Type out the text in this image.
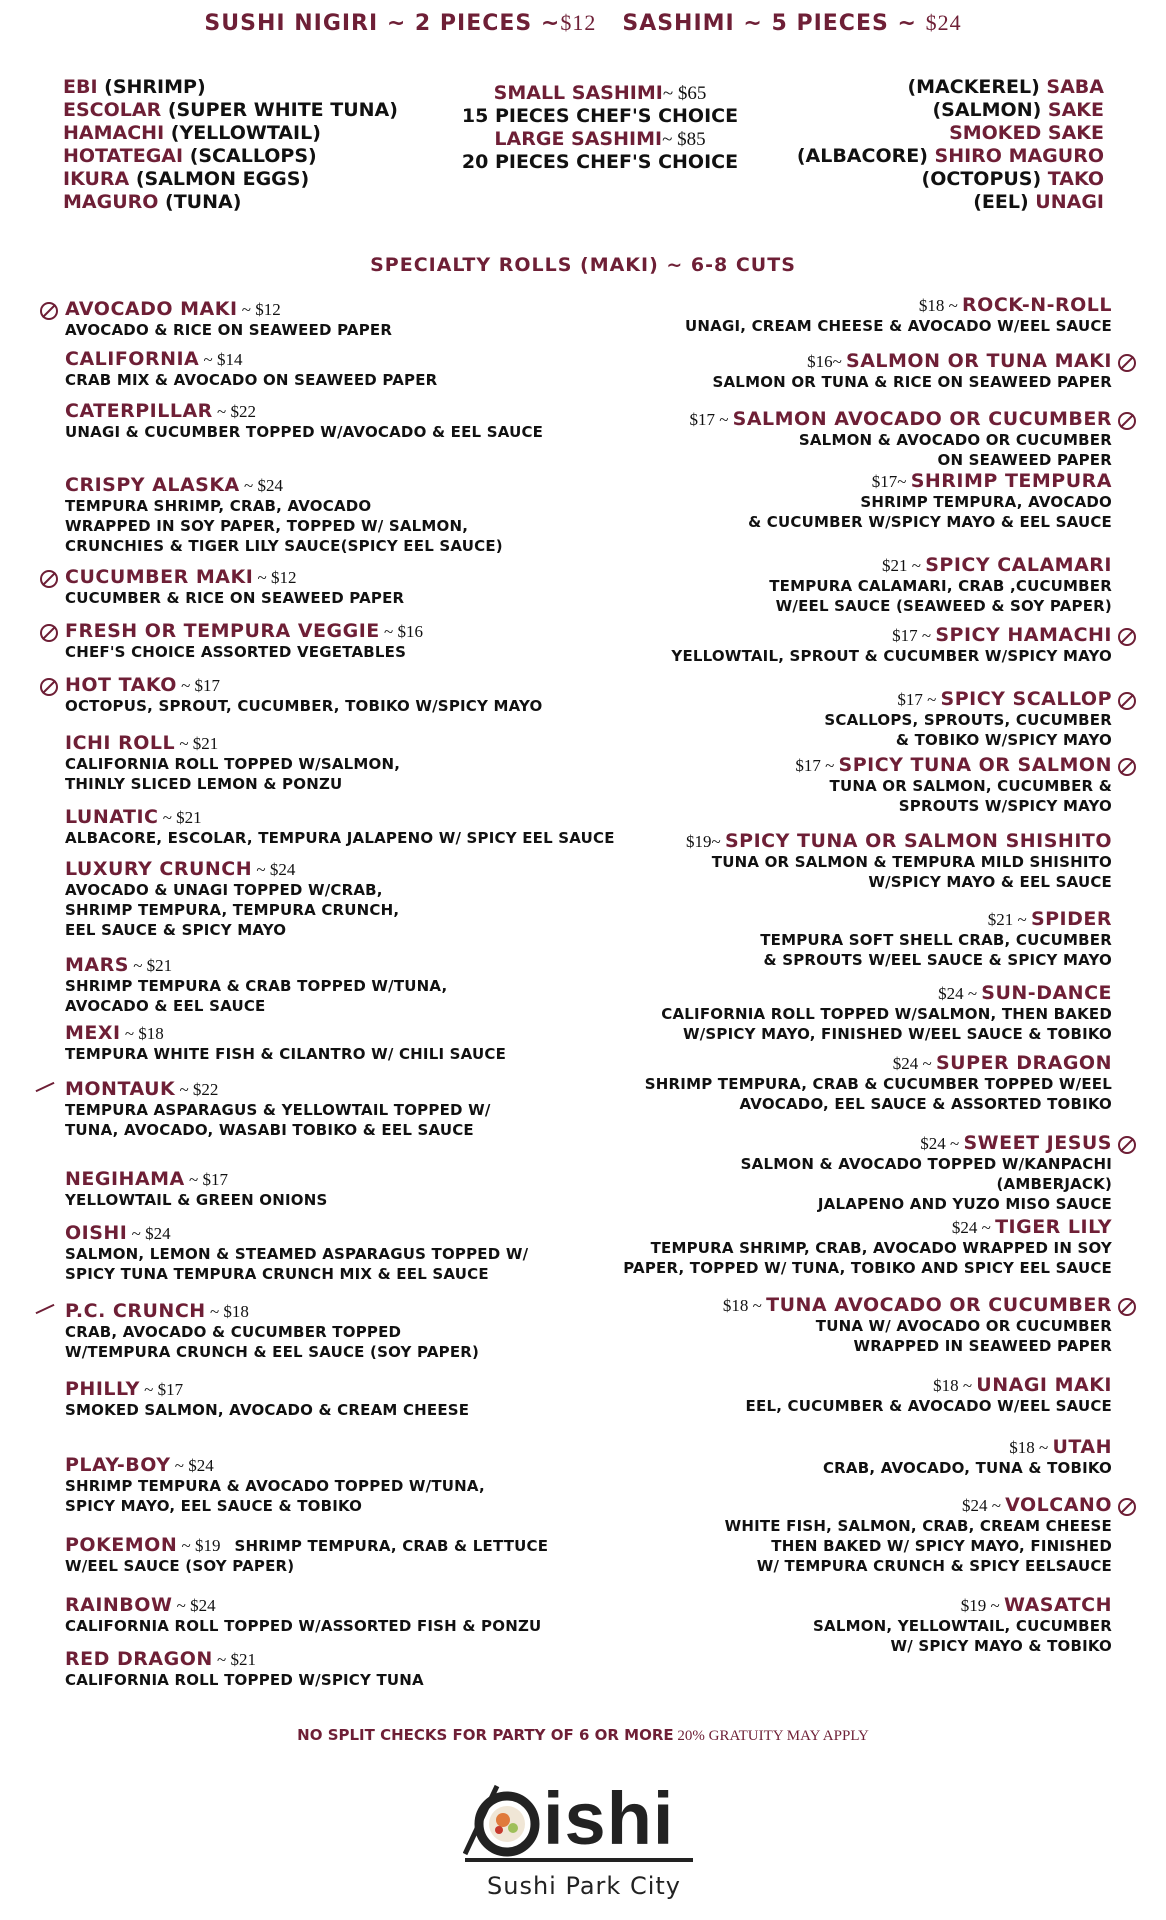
SUSHI NIGIRI ~ 2 PIECES ~$12 SASHIMI ~ 5 PIECES ~ $24
EBI (SHRIMP)
ESCOLAR (SUPER WHITE TUNA)
HAMACHI (YELLOWTAIL)
HOTATEGAI (SCALLOPS)
IKURA (SALMON EGGS)
MAGURO (TUNA)
SMALL SASHIMI~ $65
15 PIECES CHEF'S CHOICE
LARGE SASHIMI~ $85
20 PIECES CHEF'S CHOICE
(MACKEREL) SABA
(SALMON) SAKE
SMOKED SAKE
(ALBACORE) SHIRO MAGURO
(OCTOPUS) TAKO
(EEL) UNAGI
SPECIALTY ROLLS (MAKI) ~ 6-8 CUTS
AVOCADO MAKI ~ $12
AVOCADO & RICE ON SEAWEED PAPER
CALIFORNIA ~ $14
CRAB MIX & AVOCADO ON SEAWEED PAPER
CATERPILLAR ~ $22
UNAGI & CUCUMBER TOPPED W/AVOCADO & EEL SAUCE
CRISPY ALASKA ~ $24
TEMPURA SHRIMP, CRAB, AVOCADO
WRAPPED IN SOY PAPER, TOPPED W/ SALMON,
CRUNCHIES & TIGER LILY SAUCE(SPICY EEL SAUCE)
CUCUMBER MAKI ~ $12
CUCUMBER & RICE ON SEAWEED PAPER
FRESH OR TEMPURA VEGGIE ~ $16
CHEF'S CHOICE ASSORTED VEGETABLES
HOT TAKO ~ $17
OCTOPUS, SPROUT, CUCUMBER, TOBIKO W/SPICY MAYO
ICHI ROLL ~ $21
CALIFORNIA ROLL TOPPED W/SALMON,
THINLY SLICED LEMON & PONZU
LUNATIC ~ $21
ALBACORE, ESCOLAR, TEMPURA JALAPENO W/ SPICY EEL SAUCE
LUXURY CRUNCH ~ $24
AVOCADO & UNAGI TOPPED W/CRAB,
SHRIMP TEMPURA, TEMPURA CRUNCH,
EEL SAUCE & SPICY MAYO
MARS ~ $21
SHRIMP TEMPURA & CRAB TOPPED W/TUNA,
AVOCADO & EEL SAUCE
MEXI ~ $18
TEMPURA WHITE FISH & CILANTRO W/ CHILI SAUCE
MONTAUK ~ $22
TEMPURA ASPARAGUS & YELLOWTAIL TOPPED W/
TUNA, AVOCADO, WASABI TOBIKO & EEL SAUCE
NEGIHAMA ~ $17
YELLOWTAIL & GREEN ONIONS
OISHI ~ $24
SALMON, LEMON & STEAMED ASPARAGUS TOPPED W/
SPICY TUNA TEMPURA CRUNCH MIX & EEL SAUCE
P.C. CRUNCH ~ $18
CRAB, AVOCADO & CUCUMBER TOPPED
W/TEMPURA CRUNCH & EEL SAUCE (SOY PAPER)
PHILLY ~ $17
SMOKED SALMON, AVOCADO & CREAM CHEESE
PLAY-BOY ~ $24
SHRIMP TEMPURA & AVOCADO TOPPED W/TUNA,
SPICY MAYO, EEL SAUCE & TOBIKO
POKEMON ~ $19 SHRIMP TEMPURA, CRAB & LETTUCE
W/EEL SAUCE (SOY PAPER)
RAINBOW ~ $24
CALIFORNIA ROLL TOPPED W/ASSORTED FISH & PONZU
RED DRAGON ~ $21
CALIFORNIA ROLL TOPPED W/SPICY TUNA
$18 ~ ROCK-N-ROLL
UNAGI, CREAM CHEESE & AVOCADO W/EEL SAUCE
$16~ SALMON OR TUNA MAKI
SALMON OR TUNA & RICE ON SEAWEED PAPER
$17 ~ SALMON AVOCADO OR CUCUMBER
SALMON & AVOCADO OR CUCUMBER
ON SEAWEED PAPER
$17~ SHRIMP TEMPURA
SHRIMP TEMPURA, AVOCADO
& CUCUMBER W/SPICY MAYO & EEL SAUCE
$21 ~ SPICY CALAMARI
TEMPURA CALAMARI, CRAB ,CUCUMBER
W/EEL SAUCE (SEAWEED & SOY PAPER)
$17 ~ SPICY HAMACHI
YELLOWTAIL, SPROUT & CUCUMBER W/SPICY MAYO
$17 ~ SPICY SCALLOP
SCALLOPS, SPROUTS, CUCUMBER
& TOBIKO W/SPICY MAYO
$17 ~ SPICY TUNA OR SALMON
TUNA OR SALMON, CUCUMBER &
SPROUTS W/SPICY MAYO
$19~ SPICY TUNA OR SALMON SHISHITO
TUNA OR SALMON & TEMPURA MILD SHISHITO
W/SPICY MAYO & EEL SAUCE
$21 ~ SPIDER
TEMPURA SOFT SHELL CRAB, CUCUMBER
& SPROUTS W/EEL SAUCE & SPICY MAYO
$24 ~ SUN-DANCE
CALIFORNIA ROLL TOPPED W/SALMON, THEN BAKED
W/SPICY MAYO, FINISHED W/EEL SAUCE & TOBIKO
$24 ~ SUPER DRAGON
SHRIMP TEMPURA, CRAB & CUCUMBER TOPPED W/EEL
AVOCADO, EEL SAUCE & ASSORTED TOBIKO
$24 ~ SWEET JESUS
SALMON & AVOCADO TOPPED W/KANPACHI
(AMBERJACK)
JALAPENO AND YUZO MISO SAUCE
$24 ~ TIGER LILY
TEMPURA SHRIMP, CRAB, AVOCADO WRAPPED IN SOY
PAPER, TOPPED W/ TUNA, TOBIKO AND SPICY EEL SAUCE
$18 ~ TUNA AVOCADO OR CUCUMBER
TUNA W/ AVOCADO OR CUCUMBER
WRAPPED IN SEAWEED PAPER
$18 ~ UNAGI MAKI
EEL, CUCUMBER & AVOCADO W/EEL SAUCE
$18 ~ UTAH
CRAB, AVOCADO, TUNA & TOBIKO
$24 ~ VOLCANO
WHITE FISH, SALMON, CRAB, CREAM CHEESE
THEN BAKED W/ SPICY MAYO, FINISHED
W/ TEMPURA CRUNCH & SPICY EELSAUCE
$19 ~ WASATCH
SALMON, YELLOWTAIL, CUCUMBER
W/ SPICY MAYO & TOBIKO
NO SPLIT CHECKS FOR PARTY OF 6 OR MORE 20% GRATUITY MAY APPLY
ishi
Sushi Park City
